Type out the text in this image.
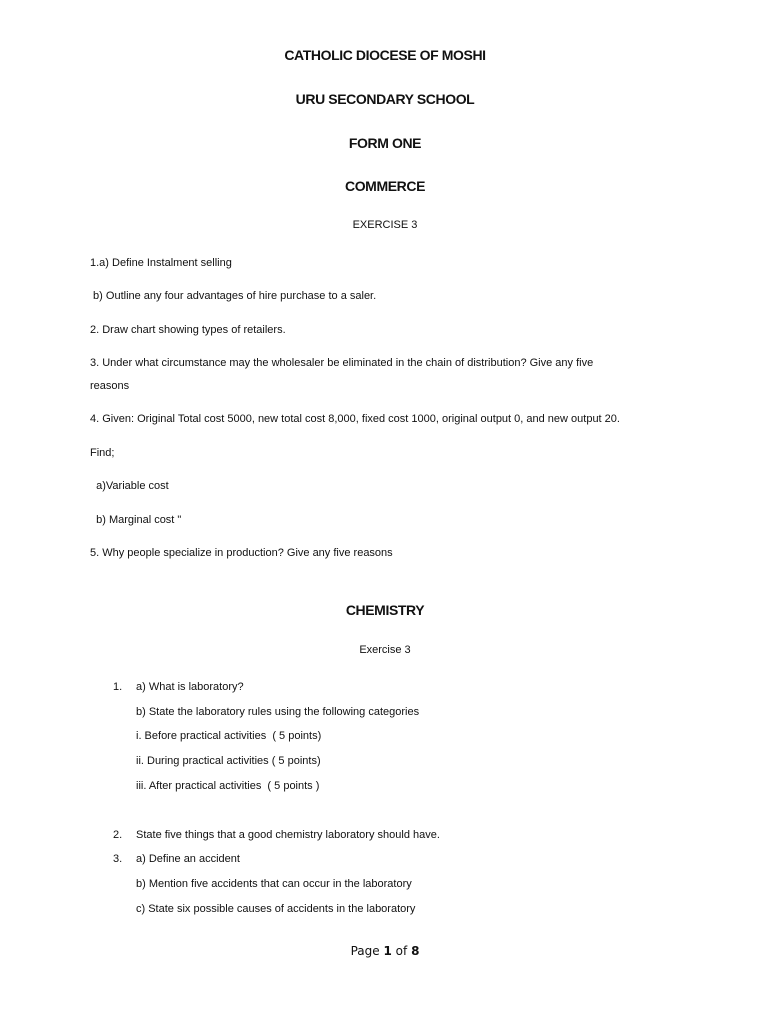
CATHOLIC DIOCESE OF MOSHI
URU SECONDARY SCHOOL
FORM ONE
COMMERCE
EXERCISE 3
1.a) Define Instalment selling
b) Outline any four advantages of hire purchase to a saler.
2. Draw chart showing types of retailers.
3. Under what circumstance may the wholesaler be eliminated in the chain of distribution? Give any five
reasons
4. Given: Original Total cost 5000, new total cost 8,000, fixed cost 1000, original output 0, and new output 20.
Find;
a)Variable cost
b) Marginal cost "
5. Why people specialize in production? Give any five reasons
CHEMISTRY
Exercise 3
1. a) What is laboratory?
b) State the laboratory rules using the following categories
i. Before practical activities  ( 5 points)
ii. During practical activities ( 5 points)
iii. After practical activities  ( 5 points )
2. State five things that a good chemistry laboratory should have.
3. a) Define an accident
b) Mention five accidents that can occur in the laboratory
c) State six possible causes of accidents in the laboratory
Page 1 of 8
